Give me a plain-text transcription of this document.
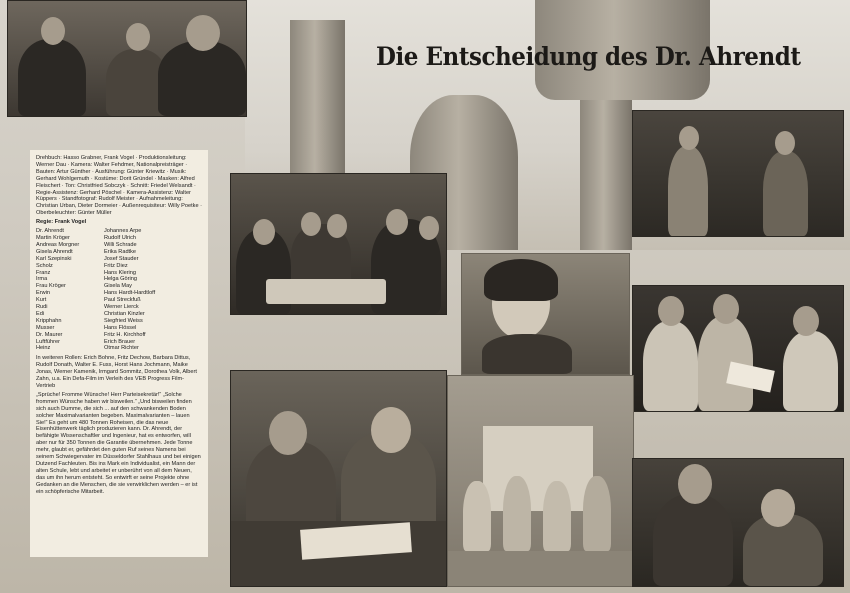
Die Entscheidung des Dr. Ahrendt

Drehbuch: Hasso Grabner, Frank Vogel · Produktionsleitung: Werner Dau · Kamera: Walter Fehdmer, Nationalpreisträger · Bauten: Artur Günther · Ausführung: Günter Kriewitz · Musik: Gerhard Wohlgemuth · Kostüme: Dorit Gründel · Masken: Alfred Fleischert · Ton: Christfried Sobczyk · Schnitt: Friedel Welsandt · Regie-Assistenz: Gerhard Pöschel · Kamera-Assistenz: Walter Küppers · Standfotograf: Rudolf Meister · Aufnahmeleitung: Christian Urban, Dieter Dormeier · Außenrequisiteur: Willy Poetke · Oberbeleuchter: Günter Müller

Regie: Frank Vogel

Dr. Ahrendt	Johannes Arpe
Martin Kröger	Rudolf Ulrich
Andreas Morgner	Willi Schrade
Gisela Ahrendt	Erika Radtke
Karl Szepinski	Josef Stauder
Scholz	Fritz Diez
Franz	Hans Klering
Irma	Helga Göring
Frau Kröger	Gisela May
Erwin	Hans Hardt-Hardtloff
Kurt	Paul Streckfuß
Rudi	Werner Lierck
Edi	Christian Kinzler
Kripphahn	Siegfried Weiss
Musser	Hans Flössel
Dr. Maurer	Fritz H. Kirchhoff
Luftführer	Erich Brauer
Heinz	Otmar Richter

In weiteren Rollen: Erich Bohne, Fritz Dechow, Barbara Dittus, Rudolf Donath, Walter E. Fuss, Horst Hans Jochmann, Maike Jonas, Werner Kamenik, Irmgard Sommitz, Dorothea Volk, Albert Zahn, u.a. Ein Defa-Film im Verleih des VEB Progress Film-Vertrieb

„Sprüche! Fromme Wünsche! Herr Parteisekretär!“ „Solche frommen Wünsche haben wir bisweilen.“ „Und bisweilen finden sich auch Dumme, die sich ... auf den schwankenden Boden solcher Maximalvarianten begeben. Maximalvarianten – lauen Sie!“ Es geht um 480 Tonnen Roheisen, die das neue Eisenhüttenwerk täglich produzieren kann. Dr. Ahrendt, der befähigte Wissenschaftler und Ingenieur, hat es entworfen, will aber nur für 350 Tonnen die Garantie übernehmen. Jede Tonne mehr, glaubt er, gefährdet den guten Ruf seines Namens bei seinem Schwiegervater im Düsseldorfer Stahlhaus und bei einigen Dutzend Fachleuten. Bis ins Mark ein Individualist, ein Mann der alten Schule, lebt und arbeitet er unberührt von all dem Neuen, das um ihn herum entsteht. So entwirft er seine Projekte ohne Gedanken an die Menschen, die sie verwirklichen werden – er ist ein schöpferische Mitarbeit.
